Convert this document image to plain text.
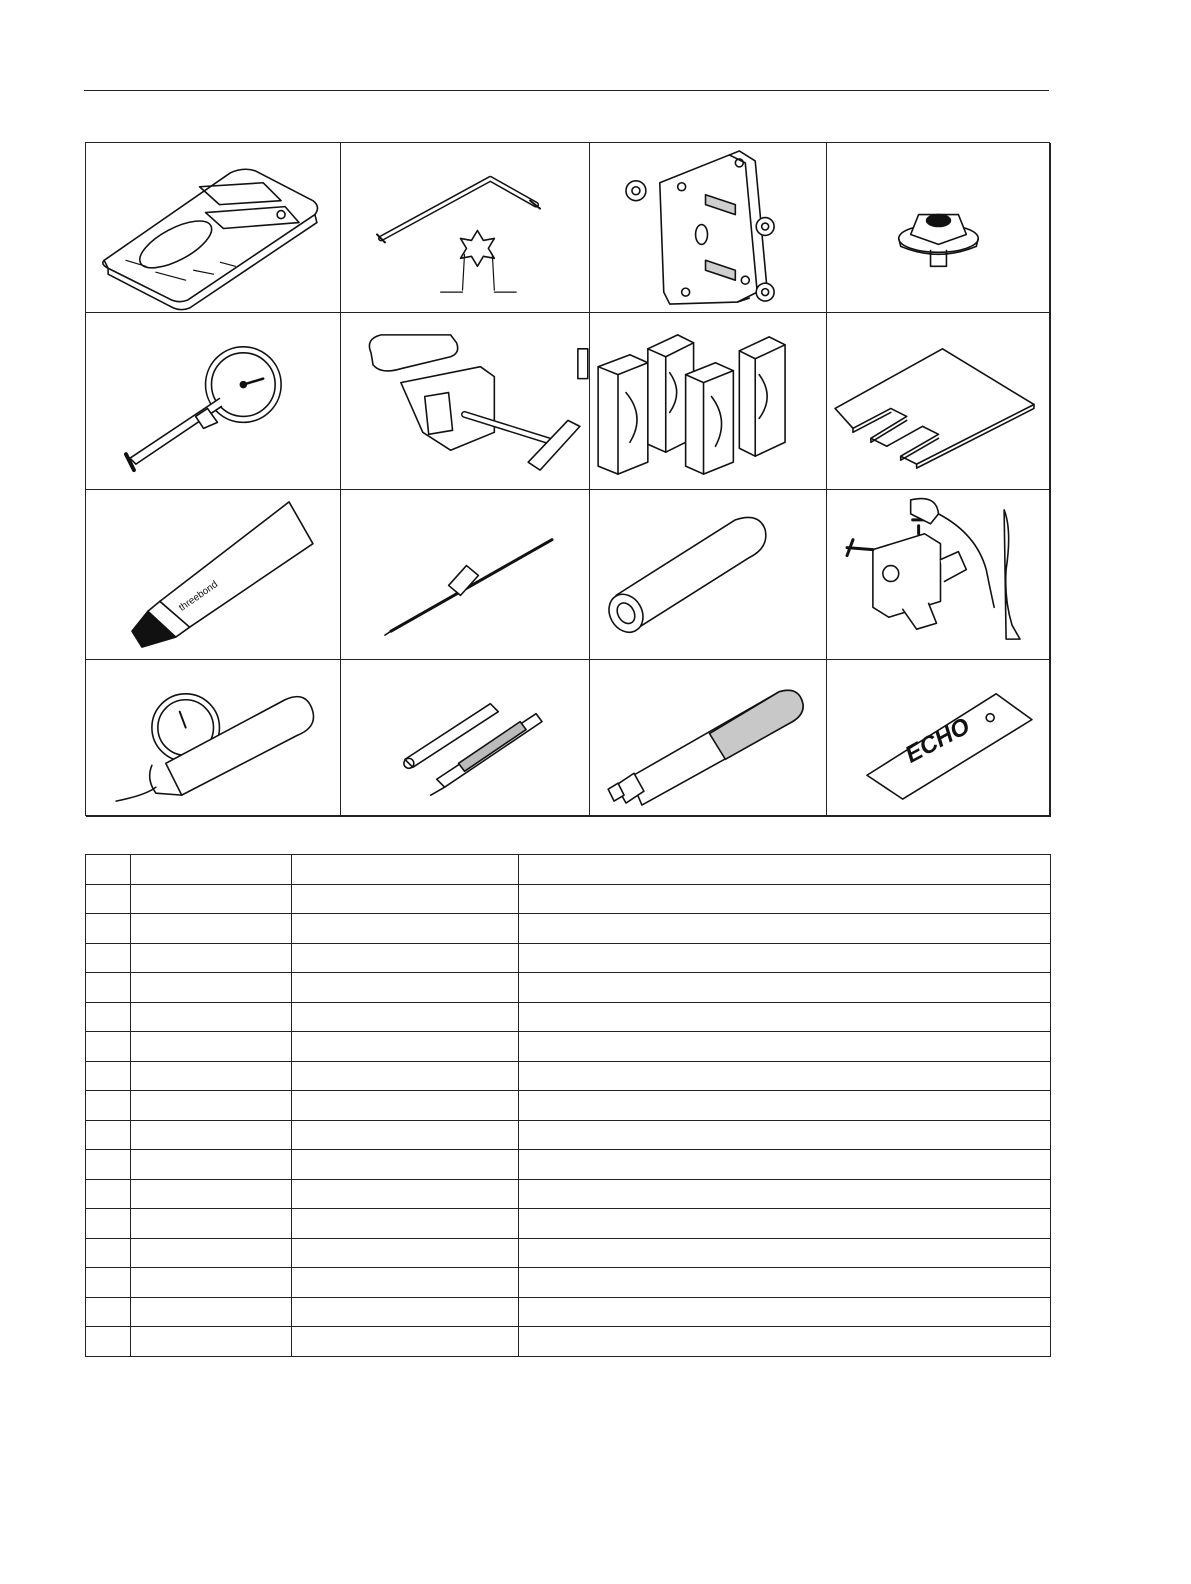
threebond
ECHO
